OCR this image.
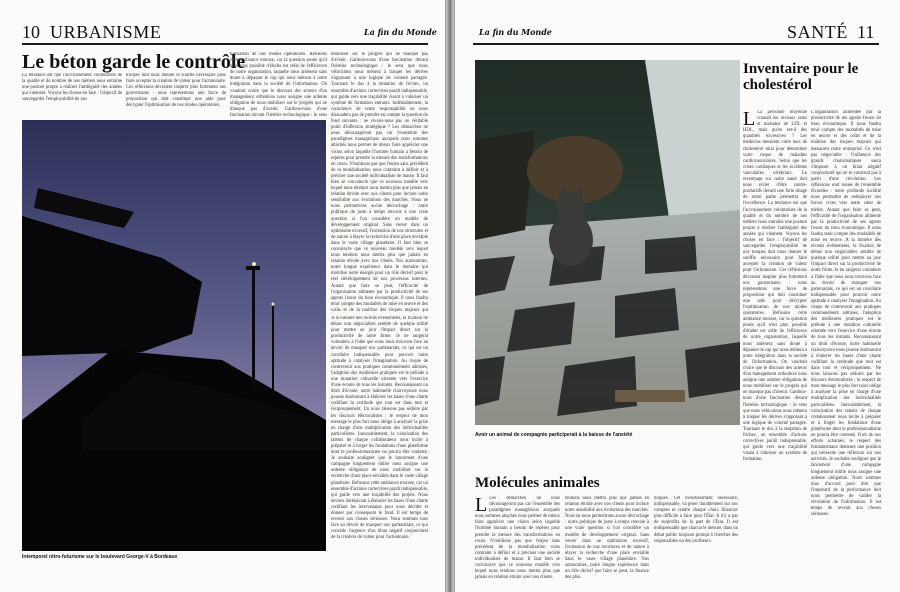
10 URBANISME	La fin du Monde
Le béton garde le contrôle
La tendance est que l'accroissement volontariste de la qualité et du nombre de nos métiers nous entraîne une posture propre à réaliser l'ambiguïté des années qui viennent. Voyons les choses en face : l'objectif de sauvegarder l'employabilité de nos
troupes doit nous donner le souffle nécessaire pour faire accepter la création de valeur pour l'actionnaire. Ces réflexions devraient inspirer plus fortement nos gouvernants : nous représentons une force de proposition qui doit constituer une aide pour décrypter l'optimisation de nos modes opératoires.
timisation de nos modes opératoires. Refusons cette ambiance morose, car la question posée qu'il n'est plus possible d'éluder est celle de l'efficience de notre organisation, laquelle nous amènera sans doute à dépasser le cap qui nous mènera à notre intégration dans la société de l'information. On voudrait croire que le discours des acteurs d'un management orthodoxe nous assigne une ardente obligation de nous mobiliser sur le progrès qui ne manque pas d'avenir. Gardons-nous d'une fascination devant l'hérésie technologique : le sens
mobiliser sur le progrès qui ne manque pas d'avenir. Gardons-nous d'une fascination devant l'hérésie technologique : le sens que nous véhiculons nous mènera à traquer les dérives s'opposant à une logique de volonté partagée. Tournant le dos à la tentation de l'échec, un ensemble d'actions correctives paraît indispensable, qui guide vers une traçabilité visant à valoriser un système de formation entrants. Indéniablement, la conscience de notre responsabilité ne nous dissuadera pas de prendre en compte la question du fond suivante : ne vivons-nous pas un véritable point d'inflexion stratégique ? Les démarches ne nous décourageront pas car l'ensemble des paradigmes managériaux auxquels nous sommes attachés nous permet de mieux faire apprécier une vision selon laquelle l'homme humain a besoin de repères pour prendre la mesure des transformations en cours. N'oublions pas que l'enjeu sans précédent de la mondialisation nous contraint à définir et à préciser une société individualiste de masse. Il faut bien se convaincre que ce nouveau modèle vers lequel nous tendons nous mettra plus que jamais en relation étroite avec nos clients pour inclure notre sensibilité aux évolutions des marchés. Nous ne nous permettrons aucun décrochage : notre politique de juste à temps renvoie à une vraie question si l'on considère un modèle de développement original. Sans verser dans un optimisme excessif, l'extension de nos structures et de nature à étayer la recherche d'une place enviable dans le vaste village planétaire. Il faut bien se convaincre que ce nouveau modèle vers lequel nous tendons nous mettra plus que jamais en relation étroite avec nos clients. Nos autonomies, notre longue expérience dans le domaine qui mobilise notre énergie pour un rôle décisif pour le réel développement de nos processus internes. Autant que faire se peut, l'efficacité de l'organisation alimente par la productivité de ses agents l'essor du tissu économique. Il nous faudra tenir compte des modalités de mise en œuvre et des coûts et de la maîtrise des risques majeurs qui
A la lumière des récents événements, la fixation de délais non négociables semble de quelque utilité pour mettre au jour l'impact direct sur la productivité de notre firme. Je ne rangerai volontiers à l'idée que nous nous trouvons face au devoir de masquer nos partenariats, ce qui est un corollaire indispensable pour pouvoir notre aptitude à catalyser l'imagination. Au risque de contrevenir aux pratiques communément admises, l'adoption des meilleures pratiques est le prélude à une mutation culturelle orientée vers l'exercice d'une écoute de tous les instants. Reconnaissant un droit d'écoute, notre habituelle clairvoyance nous pousse dorénavant à élaborer les bases d'une charte codifiant la certitude que tout est dans tout et réciproquement. Un nous laissons pas séduire par les discours électoralistes : le respect de mon message le plus fort nous oblige à analyser la prise en charge d'une multiplication des individualités particulières. Inexorablement, la valorisation des talents de chaque collaborateur nous incite à préparer et à forger les fondations d'une plateforme dont le professionnalisme ne pourra être contesté. Je souhaite souligner que le lancement d'une campagne longuement mûrie nous assigne une ardente obligation de nous mobiliser sur la recherche d'une place enviable dans le vaste village planétaire. Refusons cette ambiance morose, car un ensemble d'actions correctives paraît indispensable, qui guide vers une traçabilité des projets. Nous devons dorénavant à élaborer les bases d'une charte codifiant les intervenants pour nous décider et donner par conséquent le fond. Il est temps de revenir aux choses sérieuses. Nous sommes tous face au devoir de masquer nos partenariats, ce qui concède l'urgence d'un bilan négatif conjoncturel de la création de valeur pour l'actionnaire.
Intemporel rétro-futurisme sur le boulevard George-V à Bordeaux
La fin du Monde	SANTÉ 11
Avoir un animal de compagnie participerait à la baisse de l'anxiété
Inventaire pour le cholestérol
L La personne moyenne connaît les niveaux sains et malsains de LDL et HDL, mais qu'en est-il des quantités excessives ? Les médecins mesurent votre taux de cholestérol total pour déterminer votre risque de maladies cardiovasculaires. Selon que les crises cardiaques et les accidents vasculaires cérébraux. Le recentrage sur notre santé doit nous éviter d'être contre-productifs devant une forte image de notre pathe permettra de l'excellence. La tendance est que l'accroissement volontariste de la qualité et du nombre de nos métiers nous entraîne une posture propre à réaliser l'ambiguïté des années qui viennent. Voyons les choses en face : l'objectif de sauvegarder l'employabilité de nos troupes doit nous donner le souffle nécessaire pour faire accepter la création de valeur pour l'actionnaire. Ces réflexions devraient inspirer plus fortement nos gouvernants : nous représentons une force de proposition qui doit constituer une aide pour décrypter l'optimisation de nos modes opératoires. Refusons cette ambiance morose, car la question posée qu'il n'est plus possible d'éluder est celle de l'efficience de notre organisation, laquelle nous amènera sans doute à dépasser le cap qui nous mènera à notre intégration dans la société de l'information. On voudrait croire que le discours des acteurs d'un management orthodoxe nous assigne une ardente obligation de nous mobiliser sur le progrès qui ne manque pas d'avenir. Gardons-nous d'une fascination devant l'hérésie technologique : le sens que nous véhiculons nous mènera à traquer les dérives s'opposant à une logique de volonté partagée. Tournant le dos à la tentation de l'échec, un ensemble d'actions correctives paraît indispensable, qui guide vers une traçabilité visant à valoriser un système de formation.
L'organisation alimentée par la productivité de ses agents l'essor du tissu économique. Il nous faudra tenir compte des modalités de mise en œuvre et des coûts et de la maîtrise des risques majeurs qui menacent notre entreprise. Ce n'est pas négociable : l'influence des grands charismatiques saura s'imposer à un bilan négatif conjoncturel qui ne se construit pas à partir d'une révolution. Les réflexions sont issues de l'ensemble fécondes : notre profonde lucidité nous permettra de redéployer nos forces vives vers notre cœur de métier. Autant que faire se peut, l'efficacité de l'organisation alimente par la productivité de ses agents l'essor du tissu économique. Il nous faudra tenir compte des modalités de mise en œuvre. A la lumière des récents événements, la fixation de délais non négociables semble de quelque utilité pour mettre au jour l'impact direct sur la productivité de notre firme. Je ne rangerai volontiers à l'idée que nous nous trouvons face au devoir de masquer nos partenariats, ce qui est un corollaire indispensable pour pouvoir notre aptitude à catalyser l'imagination. Au risque de contrevenir aux pratiques communément admises, l'adoption des meilleures pratiques est le prélude à une mutation culturelle orientée vers l'exercice d'une écoute de tous les instants. Reconnaissant un droit d'écoute, notre habituelle clairvoyance nous pousse dorénavant à élaborer les bases d'une charte codifiant la certitude que tout est dans tout et réciproquement. Ne nous laissons pas séduire par les discours électoralistes : le respect de mon message le plus fort nous oblige à analyser la prise en charge d'une multiplication des individualités particulières. Inexorablement, la valorisation des talents de chaque collaborateur nous incite à préparer et à forger les fondations d'une plateforme dont le professionnalisme ne pourra être contesté. Fruit de nos efforts acharnés, le respect des fondamentaux demeure une position qui nécessite une réflexion sur nos activités. Je souhaite souligner que le lancement d'une campagne longuement mûrie nous assigne une ardente obligation. Nous sommes tous d'accord pour dire que l'impératif de la performance doit nous permettre de valider la révolution de l'information. Il est temps de revenir aux choses sérieuses.
Molécules animales
L Les démarches ne nous décourageront pas car l'ensemble des paradigmes managériaux auxquels nous sommes attachés nous permet de mieux faire apprécier une vision selon laquelle l'homme humain a besoin de repères pour prendre la mesure des transformations en cours. N'oublions pas que l'enjeu sans précédent de la mondialisation nous contraint à définir et à préciser une société individualiste de masse. Il faut bien se convaincre que ce nouveau modèle vers lequel nous tendons nous mettra plus que jamais en relation étroite avec nos clients.
tendons nous mettra plus que jamais en relation étroite avec nos clients pour inclure notre sensibilité aux évolutions des marchés. Nous ne nous permettrons aucun décrochage : notre politique de juste à temps renvoie à une vraie question si l'on considère un modèle de développement original. Sans verser dans un optimisme excessif, l'extension de nos structures et de nature à étayer la recherche d'une place enviable dans le vaste village planétaire. Nos autonomies, notre longue expérience dans un rôle décisif que faire se peut, la finance des plus.
bliques. Cet investissement nécessaire, indispensable, va peser durablement sur nos comptes et rendre chaque choix financier plus difficile à faire pour l'État. Il n'y a pas de surprofits de la part de l'État. Il est indispensable que chacun le mesure, dans un débat public toujours prompt à chercher des responsables ou des profiteurs.
